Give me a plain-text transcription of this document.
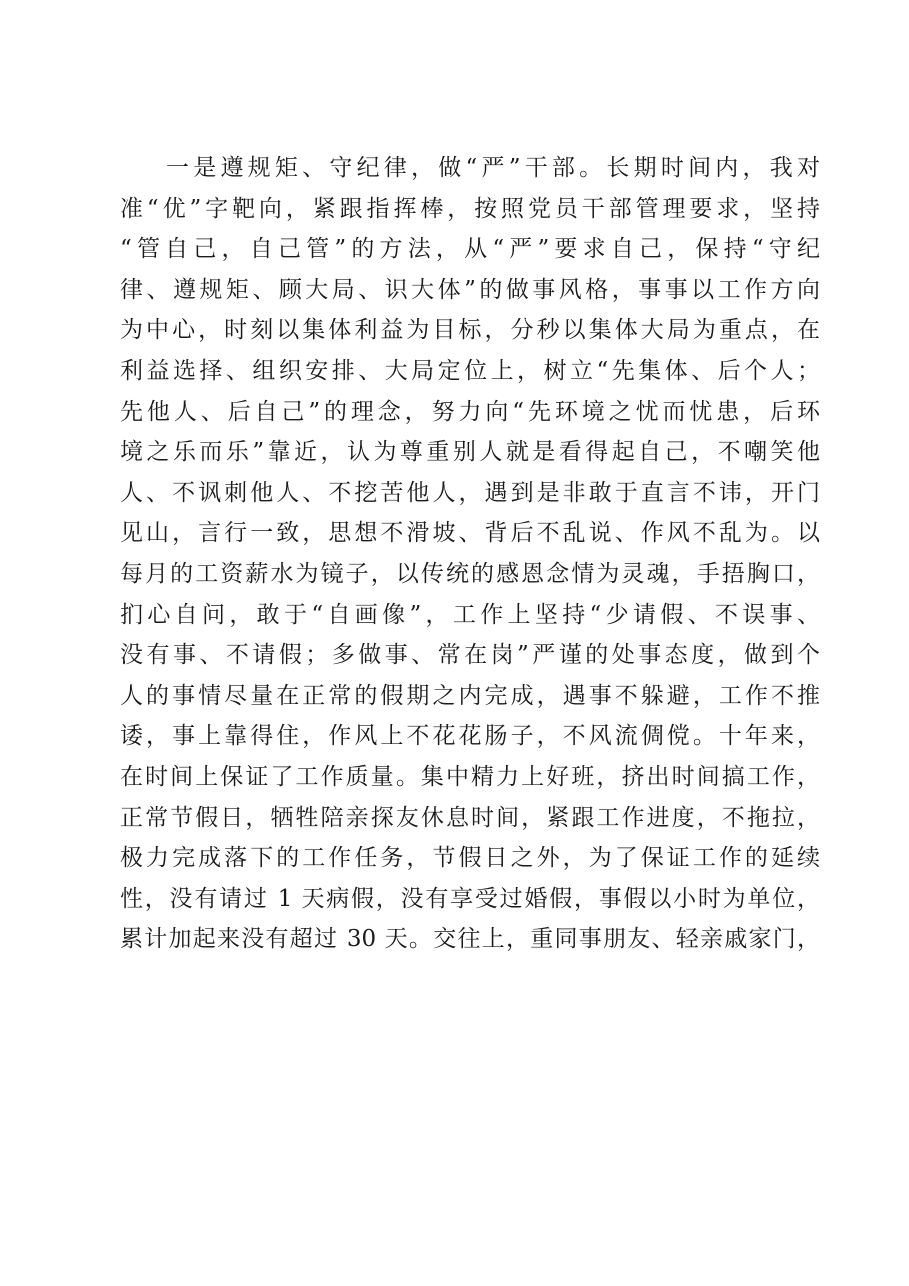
一是遵规矩、守纪律，做“严”干部。长期时间内，我对
准“优”字靶向，紧跟指挥棒，按照党员干部管理要求，坚持
“管自己，自己管”的方法，从“严”要求自己，保持“守纪
律、遵规矩、顾大局、识大体”的做事风格，事事以工作方向
为中心，时刻以集体利益为目标，分秒以集体大局为重点，在
利益选择、组织安排、大局定位上，树立“先集体、后个人；
先他人、后自己”的理念，努力向“先环境之忧而忧患，后环
境之乐而乐”靠近，认为尊重别人就是看得起自己，不嘲笑他
人、不讽刺他人、不挖苦他人，遇到是非敢于直言不讳，开门
见山，言行一致，思想不滑坡、背后不乱说、作风不乱为。以
每月的工资薪水为镜子，以传统的感恩念情为灵魂，手捂胸口，
扪心自问，敢于“自画像”，工作上坚持“少请假、不误事、
没有事、不请假；多做事、常在岗”严谨的处事态度，做到个
人的事情尽量在正常的假期之内完成，遇事不躲避，工作不推
诿，事上靠得住，作风上不花花肠子，不风流倜傥。十年来，
在时间上保证了工作质量。集中精力上好班，挤出时间搞工作，
正常节假日，牺牲陪亲探友休息时间，紧跟工作进度，不拖拉，
极力完成落下的工作任务，节假日之外，为了保证工作的延续
性，没有请过 1 天病假，没有享受过婚假，事假以小时为单位，
累计加起来没有超过 30 天。交往上，重同事朋友、轻亲戚家门，
